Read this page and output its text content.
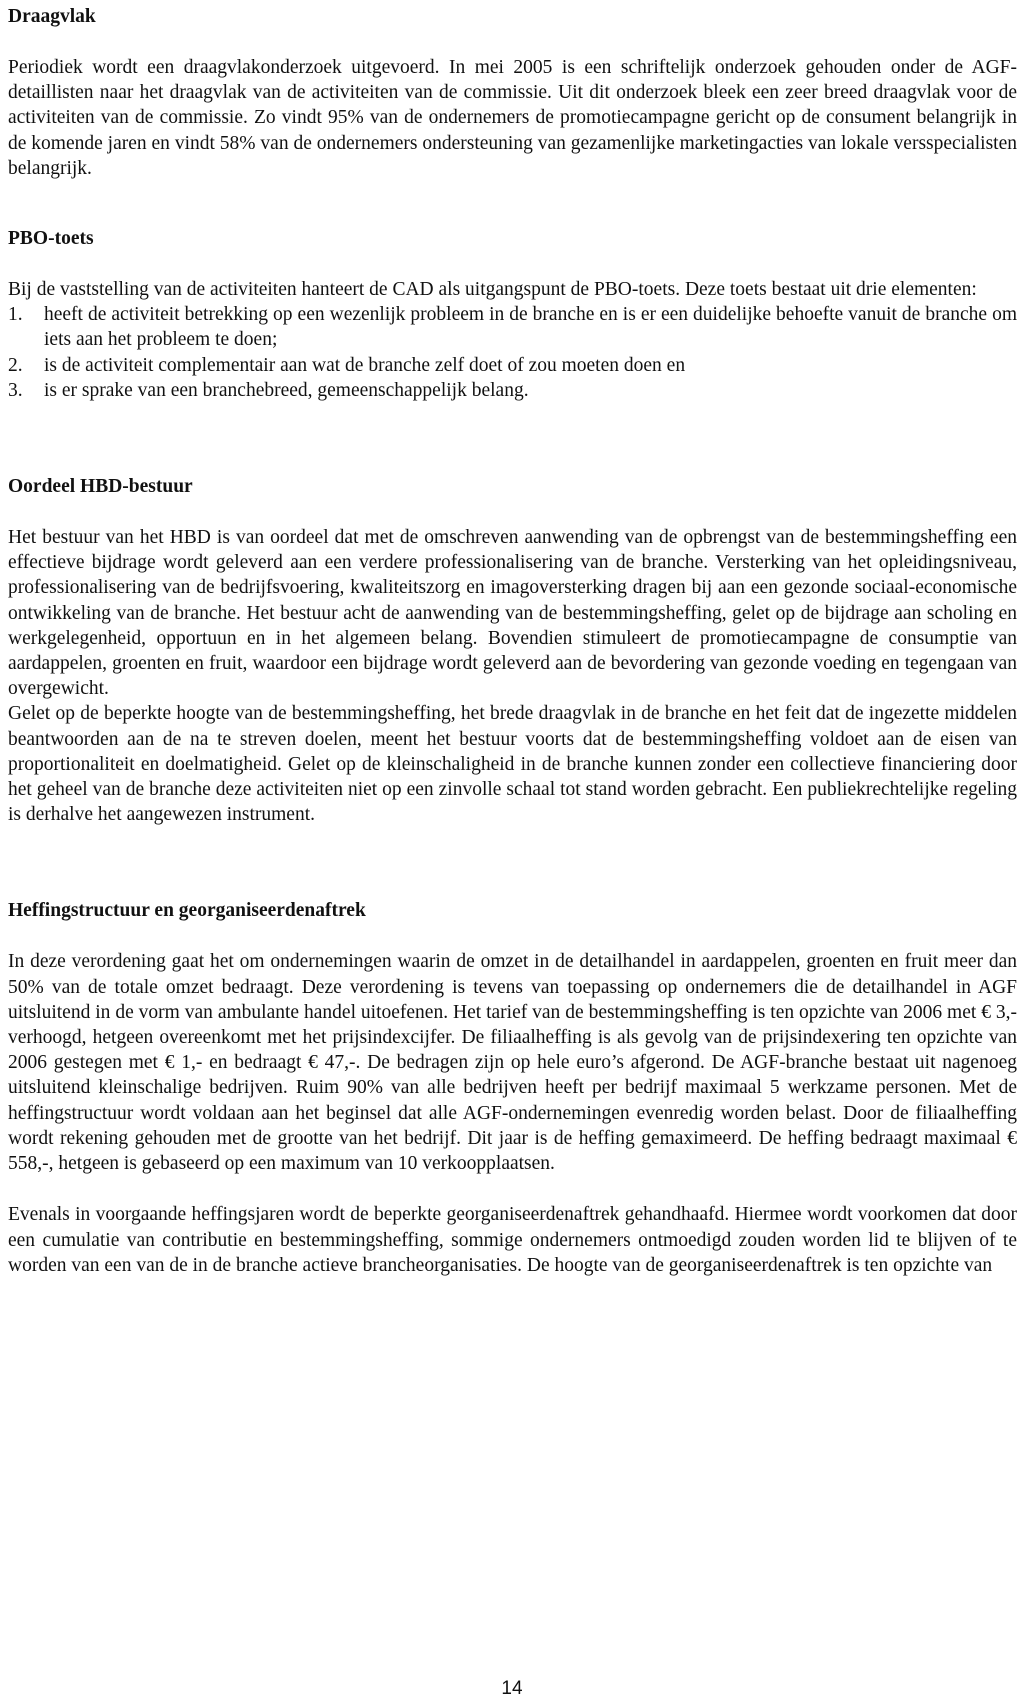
Draagvlak

Periodiek wordt een draagvlakonderzoek uitgevoerd. In mei 2005 is een schriftelijk onderzoek gehouden onder de AGF-detaillisten naar het draagvlak van de activiteiten van de commissie. Uit dit onderzoek bleek een zeer breed draagvlak voor de activiteiten van de commissie. Zo vindt 95% van de ondernemers de promotiecampagne gericht op de consument belangrijk in de komende jaren en vindt 58% van de ondernemers ondersteuning van gezamenlijke marketingacties van lokale versspecialisten belangrijk.

PBO-toets

Bij de vaststelling van de activiteiten hanteert de CAD als uitgangspunt de PBO-toets. Deze toets bestaat uit drie elementen:

1.	heeft de activiteit betrekking op een wezenlijk probleem in de branche en is er een duidelijke behoefte vanuit de branche om iets aan het probleem te doen;
2.	is de activiteit complementair aan wat de branche zelf doet of zou moeten doen en
3.	is er sprake van een branchebreed, gemeenschappelijk belang.
Oordeel HBD-bestuur

Het bestuur van het HBD is van oordeel dat met de omschreven aanwending van de opbrengst van de bestemmingsheffing een effectieve bijdrage wordt geleverd aan een verdere professionalisering van de branche. Versterking van het opleidingsniveau, professionalisering van de bedrijfsvoering, kwaliteitszorg en imagoversterking dragen bij aan een gezonde sociaal-economische ontwikkeling van de branche. Het bestuur acht de aanwending van de bestemmingsheffing, gelet op de bijdrage aan scholing en werkgelegenheid, opportuun en in het algemeen belang. Bovendien stimuleert de promotiecampagne de consumptie van aardappelen, groenten en fruit, waardoor een bijdrage wordt geleverd aan de bevordering van gezonde voeding en tegengaan van overgewicht.

Gelet op de beperkte hoogte van de bestemmingsheffing, het brede draagvlak in de branche en het feit dat de ingezette middelen beantwoorden aan de na te streven doelen, meent het bestuur voorts dat de bestemmingsheffing voldoet aan de eisen van proportionaliteit en doelmatigheid. Gelet op de kleinschaligheid in de branche kunnen zonder een collectieve financiering door het geheel van de branche deze activiteiten niet op een zinvolle schaal tot stand worden gebracht. Een publiekrechtelijke regeling is derhalve het aangewezen instrument.

Heffingstructuur en georganiseerdenaftrek

In deze verordening gaat het om ondernemingen waarin de omzet in de detailhandel in aardappelen, groenten en fruit meer dan 50% van de totale omzet bedraagt. Deze verordening is tevens van toepassing op ondernemers die de detailhandel in AGF uitsluitend in de vorm van ambulante handel uitoefenen. Het tarief van de bestemmingsheffing is ten opzichte van 2006 met € 3,- verhoogd, hetgeen overeenkomt met het prijsindexcijfer. De filiaalheffing is als gevolg van de prijsindexering ten opzichte van 2006 gestegen met € 1,- en bedraagt € 47,-. De bedragen zijn op hele euro’s afgerond. De AGF-branche bestaat uit nagenoeg uitsluitend kleinschalige bedrijven. Ruim 90% van alle bedrijven heeft per bedrijf maximaal 5 werkzame personen. Met de heffingstructuur wordt voldaan aan het beginsel dat alle AGF-ondernemingen evenredig worden belast. Door de filiaalheffing wordt rekening gehouden met de grootte van het bedrijf. Dit jaar is de heffing gemaximeerd. De heffing bedraagt maximaal € 558,-, hetgeen is gebaseerd op een maximum van 10 verkoopplaatsen.

Evenals in voorgaande heffingsjaren wordt de beperkte georganiseerdenaftrek gehandhaafd. Hiermee wordt voorkomen dat door een cumulatie van contributie en bestemmingsheffing, sommige ondernemers ontmoedigd zouden worden lid te blijven of te worden van een van de in de branche actieve brancheorganisaties. De hoogte van de georganiseerdenaftrek is ten opzichte van

14
